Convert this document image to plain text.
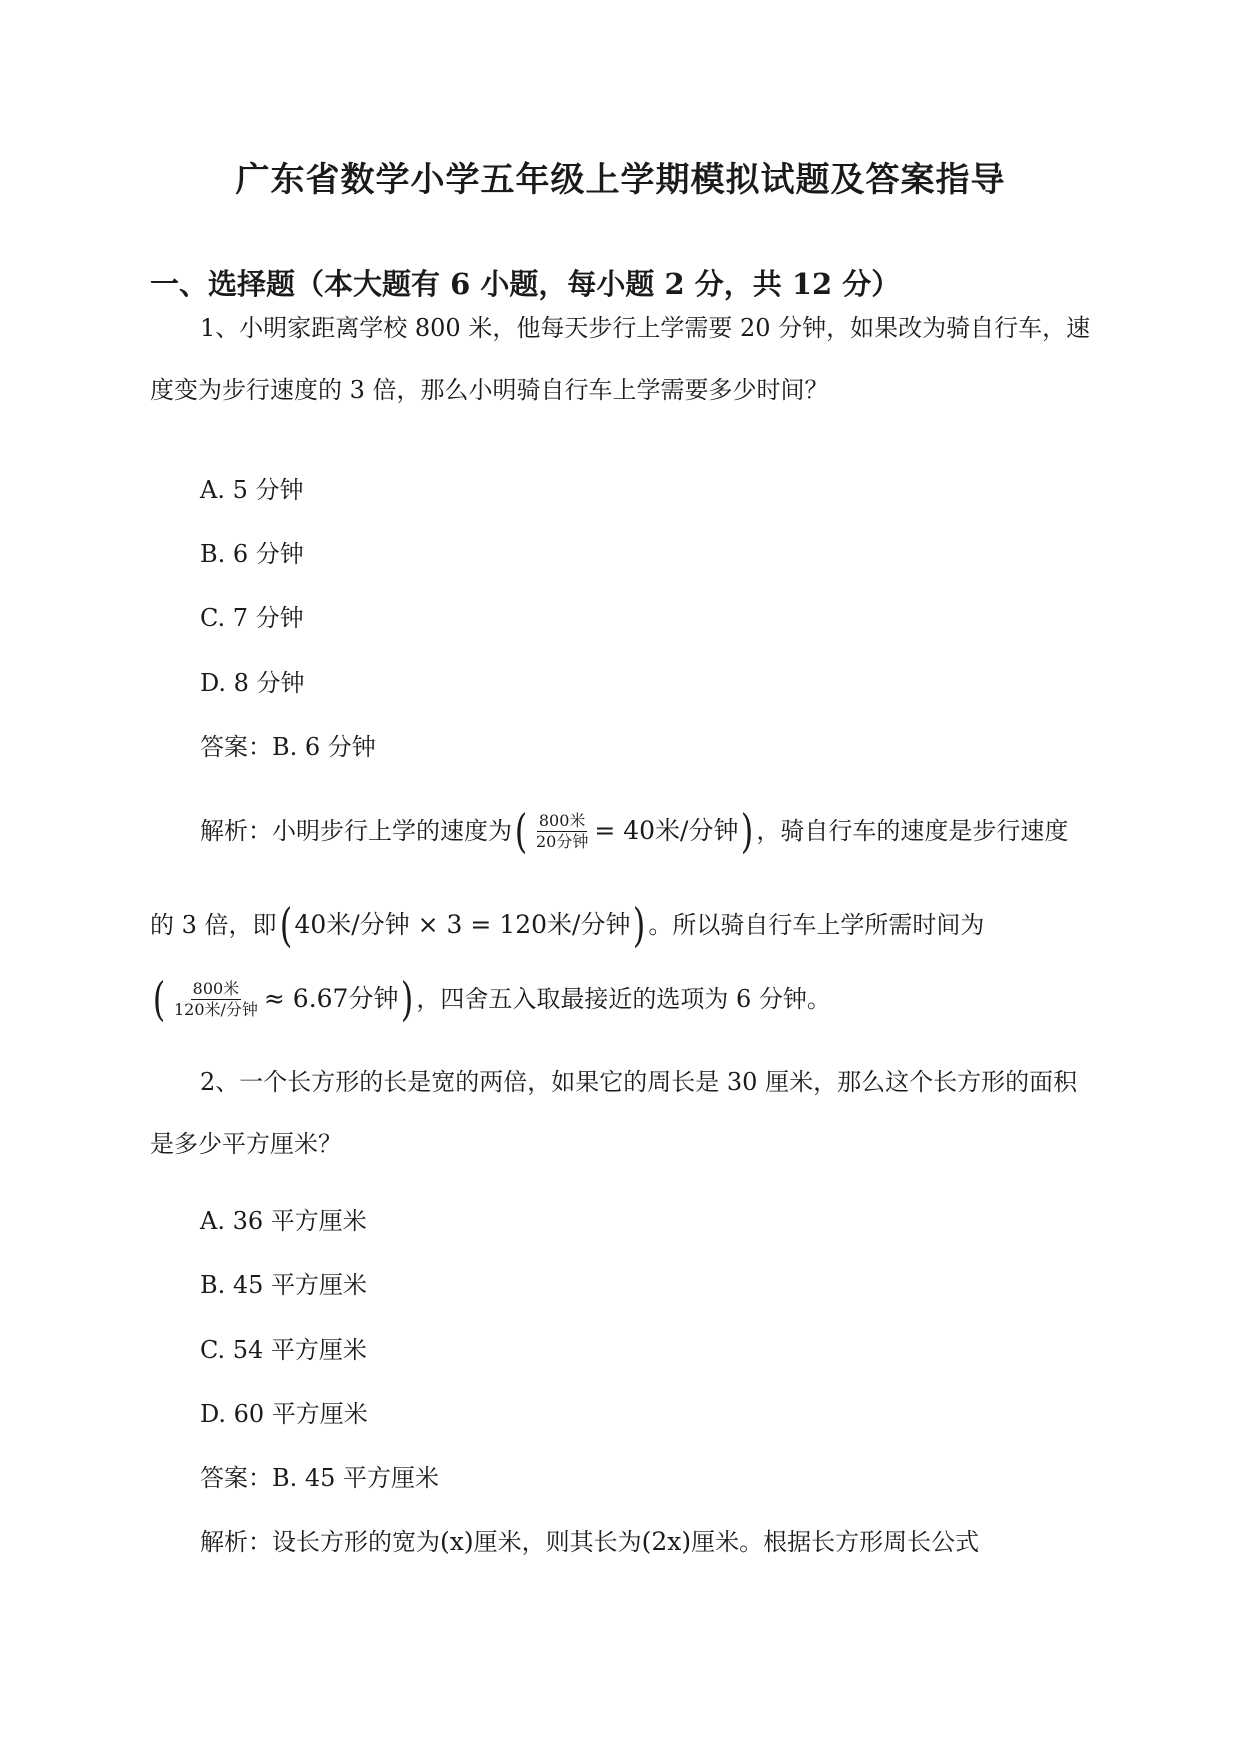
广东省数学小学五年级上学期模拟试题及答案指导
一、选择题（本大题有 6 小题，每小题 2 分，共 12 分）
1、小明家距离学校 800 米，他每天步行上学需要 20 分钟，如果改为骑自行车，速
度变为步行速度的 3 倍，那么小明骑自行车上学需要多少时间？
A. 5 分钟
B. 6 分钟
C. 7 分钟
D. 8 分钟
答案：B. 6 分钟
解析：小明步行上学的速度为 ( $\frac{\text{800米}}{\text{20分钟}} = 40$米/分钟 ) ，骑自行车的速度是步行速度
的 3 倍，即 ( 40米/分钟 × 3 = 120米/分钟 ) 。所以骑自行车上学所需时间为
( $\frac{\text{800米}}{\text{120米/分钟}} \approx 6.67$分钟 ) ，四舍五入取最接近的选项为 6 分钟。
2、一个长方形的长是宽的两倍，如果它的周长是 30 厘米，那么这个长方形的面积
是多少平方厘米？
A. 36 平方厘米
B. 45 平方厘米
C. 54 平方厘米
D. 60 平方厘米
答案：B. 45 平方厘米
解析：设长方形的宽为(x)厘米，则其长为(2x)厘米。根据长方形周长公式
